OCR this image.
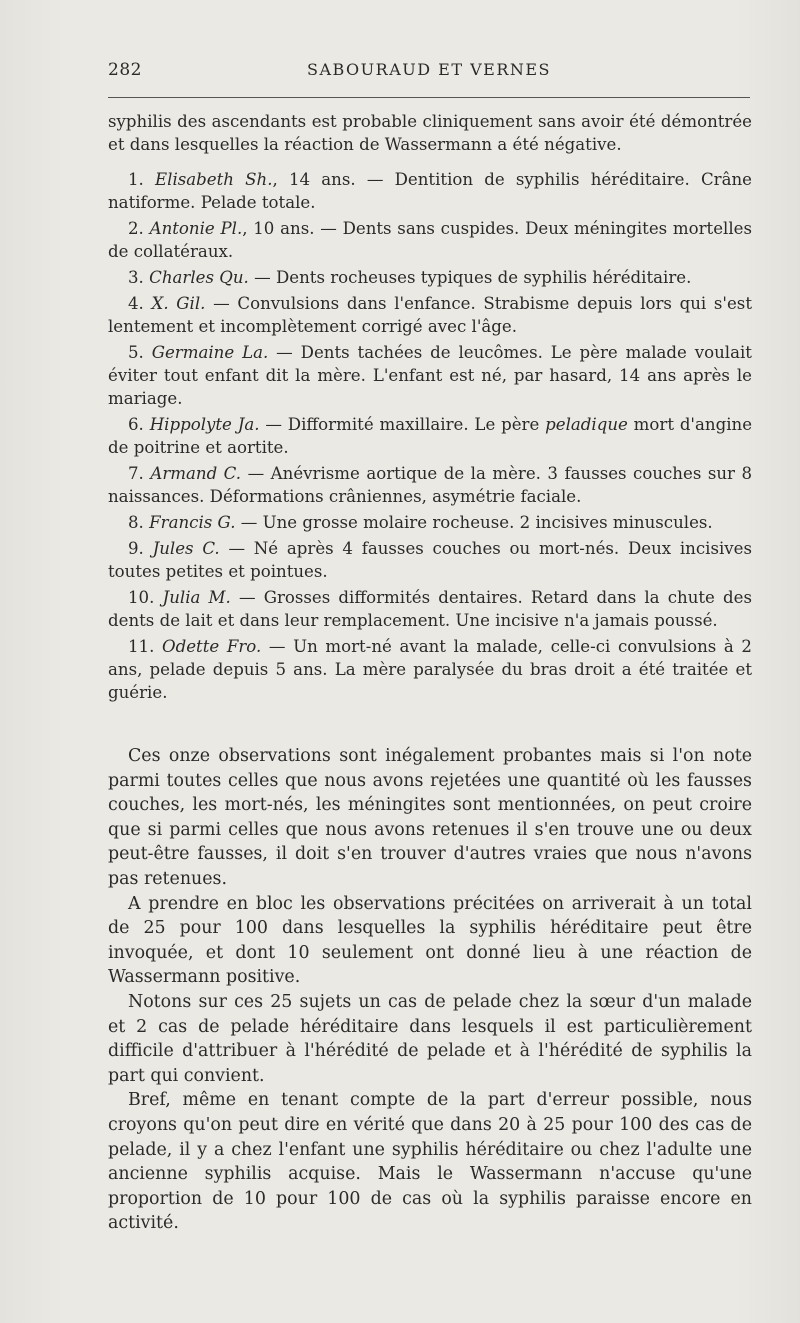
282	SABOURAUD ET VERNES

syphilis des ascendants est probable cliniquement sans avoir été démontrée et dans lesquelles la réaction de Wassermann a été négative.

1. Elisabeth Sh., 14 ans. — Dentition de syphilis héréditaire. Crâne natiforme. Pelade totale.

2. Antonie Pl., 10 ans. — Dents sans cuspides. Deux méningites mortelles de collatéraux.

3. Charles Qu. — Dents rocheuses typiques de syphilis héréditaire.

4. X. Gil. — Convulsions dans l'enfance. Strabisme depuis lors qui s'est lentement et incomplètement corrigé avec l'âge.

5. Germaine La. — Dents tachées de leucômes. Le père malade voulait éviter tout enfant dit la mère. L'enfant est né, par hasard, 14 ans après le mariage.

6. Hippolyte Ja. — Difformité maxillaire. Le père peladique mort d'angine de poitrine et aortite.

7. Armand C. — Anévrisme aortique de la mère. 3 fausses couches sur 8 naissances. Déformations crâniennes, asymétrie faciale.

8. Francis G. — Une grosse molaire rocheuse. 2 incisives minuscules.

9. Jules C. — Né après 4 fausses couches ou mort-nés. Deux incisives toutes petites et pointues.

10. Julia M. — Grosses difformités dentaires. Retard dans la chute des dents de lait et dans leur remplacement. Une incisive n'a jamais poussé.

11. Odette Fro. — Un mort-né avant la malade, celle-ci convulsions à 2 ans, pelade depuis 5 ans. La mère paralysée du bras droit a été traitée et guérie.

Ces onze observations sont inégalement probantes mais si l'on note parmi toutes celles que nous avons rejetées une quantité où les fausses couches, les mort-nés, les méningites sont mentionnées, on peut croire que si parmi celles que nous avons retenues il s'en trouve une ou deux peut-être fausses, il doit s'en trouver d'autres vraies que nous n'avons pas retenues.

A prendre en bloc les observations précitées on arriverait à un total de 25 pour 100 dans lesquelles la syphilis héréditaire peut être invoquée, et dont 10 seulement ont donné lieu à une réaction de Wassermann positive.

Notons sur ces 25 sujets un cas de pelade chez la sœur d'un malade et 2 cas de pelade héréditaire dans lesquels il est particulièrement difficile d'attribuer à l'hérédité de pelade et à l'hérédité de syphilis la part qui convient.

Bref, même en tenant compte de la part d'erreur possible, nous croyons qu'on peut dire en vérité que dans 20 à 25 pour 100 des cas de pelade, il y a chez l'enfant une syphilis héréditaire ou chez l'adulte une ancienne syphilis acquise. Mais le Wassermann n'accuse qu'une proportion de 10 pour 100 de cas où la syphilis paraisse encore en activité.
